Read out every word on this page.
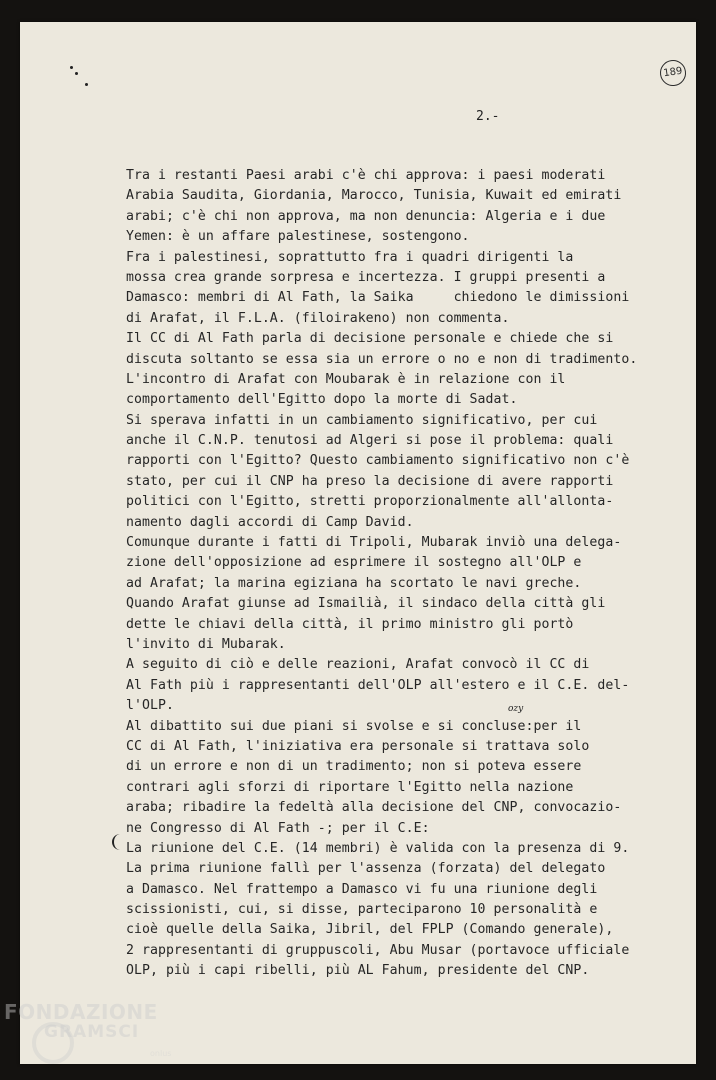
189
2.-
Tra i restanti Paesi arabi c'è chi approva: i paesi moderati
Arabia Saudita, Giordania, Marocco, Tunisia, Kuwait ed emirati
arabi; c'è chi non approva, ma non denuncia: Algeria e i due
Yemen: è un affare palestinese, sostengono.
Fra i palestinesi, soprattutto fra i quadri dirigenti la
mossa crea grande sorpresa e incertezza. I gruppi presenti a
Damasco: membri di Al Fath, la Saika     chiedono le dimissioni
di Arafat, il F.L.A. (filoirakeno) non commenta.
Il CC di Al Fath parla di decisione personale e chiede che si
discuta soltanto se essa sia un errore o no e non di tradimento.
L'incontro di Arafat con Moubarak è in relazione con il
comportamento dell'Egitto dopo la morte di Sadat.
Si sperava infatti in un cambiamento significativo, per cui
anche il C.N.P. tenutosi ad Algeri si pose il problema: quali
rapporti con l'Egitto? Questo cambiamento significativo non c'è
stato, per cui il CNP ha preso la decisione di avere rapporti
politici con l'Egitto, stretti proporzionalmente all'allonta-
namento dagli accordi di Camp David.
Comunque durante i fatti di Tripoli, Mubarak inviò una delega-
zione dell'opposizione ad esprimere il sostegno all'OLP e
ad Arafat; la marina egiziana ha scortato le navi greche.
Quando Arafat giunse ad Ismailià, il sindaco della città gli
dette le chiavi della città, il primo ministro gli portò
l'invito di Mubarak.
A seguito di ciò e delle reazioni, Arafat convocò il CC di
Al Fath più i rappresentanti dell'OLP all'estero e il C.E. del-
l'OLP.
Al dibattito sui due piani si svolse e si concluse:per il
CC di Al Fath, l'iniziativa era personale si trattava solo
di un errore e non di un tradimento; non si poteva essere
contrari agli sforzi di riportare l'Egitto nella nazione
araba; ribadire la fedeltà alla decisione del CNP, convocazio-
ne Congresso di Al Fath -; per il C.E:
La riunione del C.E. (14 membri) è valida con la presenza di 9.
La prima riunione fallì per l'assenza (forzata) del delegato
a Damasco. Nel frattempo a Damasco vi fu una riunione degli
scissionisti, cui, si disse, parteciparono 10 personalità e
cioè quelle della Saika, Jibril, del FPLP (Comando generale),
2 rappresentanti di gruppuscoli, Abu Musar (portavoce ufficiale
OLP, più i capi ribelli, più AL Fahum, presidente del CNP.
ozy
FONDAZIONE
GRAMSCI
onlus
